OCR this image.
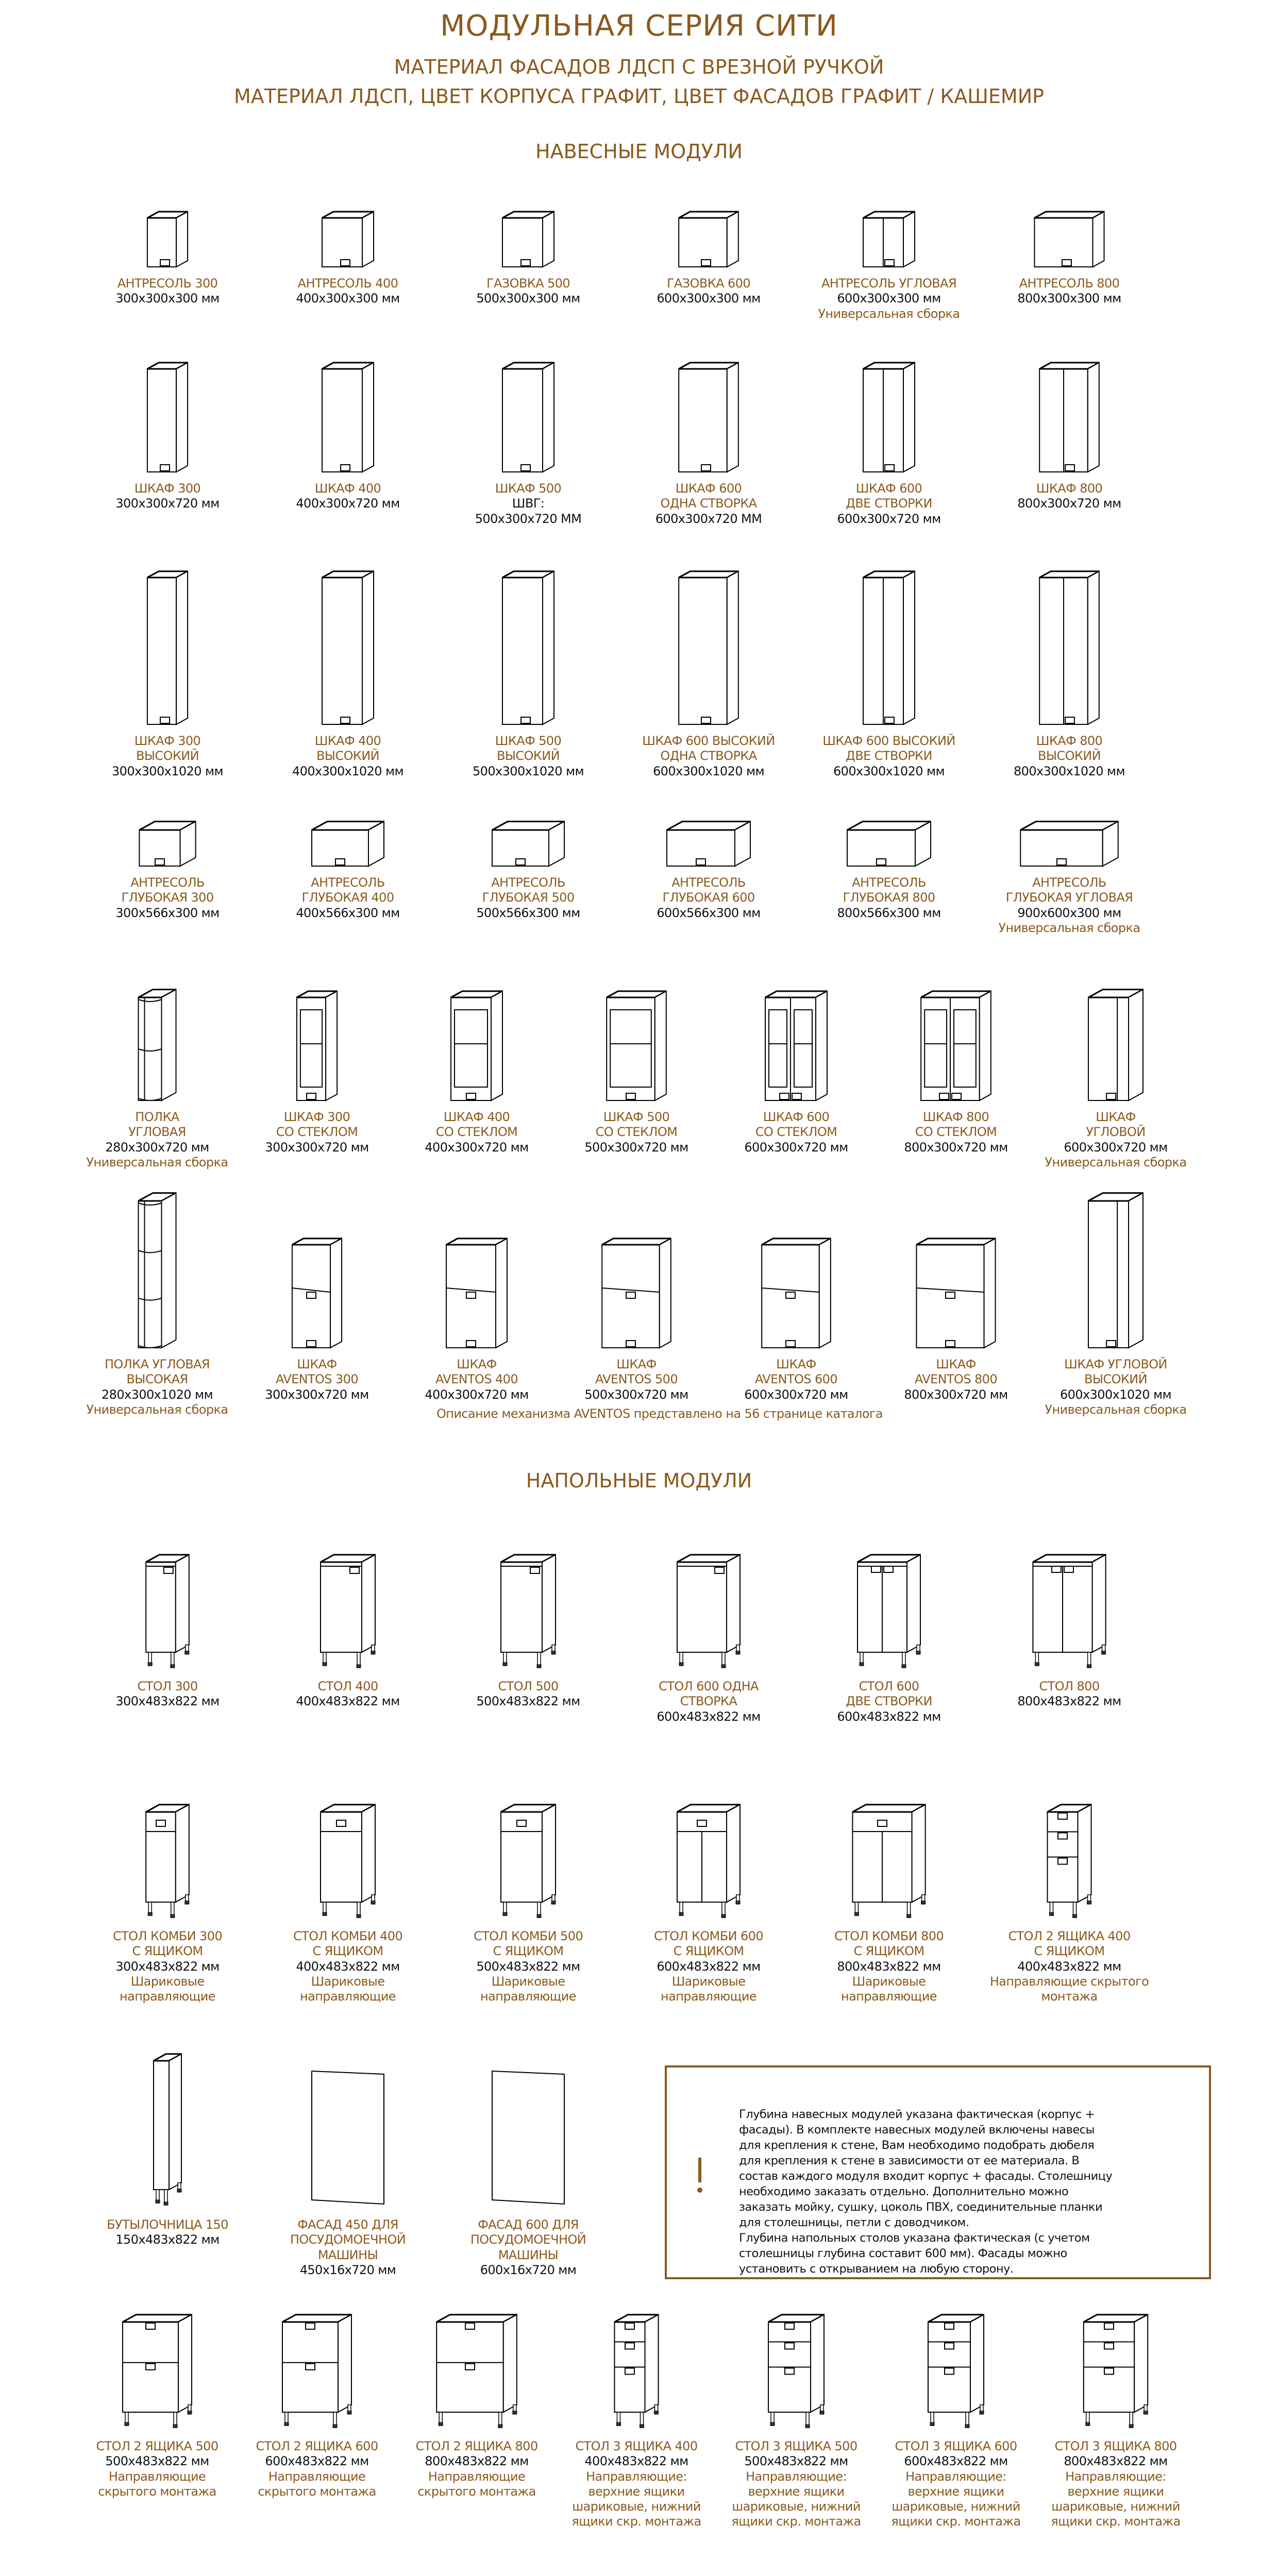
МОДУЛЬНАЯ СЕРИЯ СИТИ
МАТЕРИАЛ ФАСАДОВ ЛДСП С ВРЕЗНОЙ РУЧКОЙ
МАТЕРИАЛ ЛДСП, ЦВЕТ КОРПУСА ГРАФИТ, ЦВЕТ ФАСАДОВ ГРАФИТ / КАШЕМИР
НАВЕСНЫЕ МОДУЛИ
НАПОЛЬНЫЕ МОДУЛИ
АНТРЕСОЛЬ 300
300x300x300 мм
АНТРЕСОЛЬ 400
400x300x300 мм
ГАЗОВКА 500
500x300x300 мм
ГАЗОВКА 600
600x300x300 мм
АНТРЕСОЛЬ УГЛОВАЯ
600x300x300 мм
Универсальная сборка
АНТРЕСОЛЬ 800
800x300x300 мм
ШКАФ 300
300x300x720 мм
ШКАФ 400
400x300x720 мм
ШКАФ 500
ШВГ:
500x300x720 ММ
ШКАФ 600
ОДНА СТВОРКА
600x300x720 ММ
ШКАФ 600
ДВЕ СТВОРКИ
600x300x720 мм
ШКАФ 800
800x300x720 мм
ШКАФ 300
ВЫСОКИЙ
300x300x1020 мм
ШКАФ 400
ВЫСОКИЙ
400x300x1020 мм
ШКАФ 500
ВЫСОКИЙ
500x300x1020 мм
ШКАФ 600 ВЫСОКИЙ
ОДНА СТВОРКА
600x300x1020 мм
ШКАФ 600 ВЫСОКИЙ
ДВЕ СТВОРКИ
600x300x1020 мм
ШКАФ 800
ВЫСОКИЙ
800x300x1020 мм
АНТРЕСОЛЬ
ГЛУБОКАЯ 300
300x566x300 мм
АНТРЕСОЛЬ
ГЛУБОКАЯ 400
400x566x300 мм
АНТРЕСОЛЬ
ГЛУБОКАЯ 500
500x566x300 мм
АНТРЕСОЛЬ
ГЛУБОКАЯ 600
600x566x300 мм
АНТРЕСОЛЬ
ГЛУБОКАЯ 800
800x566x300 мм
АНТРЕСОЛЬ
ГЛУБОКАЯ УГЛОВАЯ
900x600x300 мм
Универсальная сборка
ПОЛКА
УГЛОВАЯ
280x300x720 мм
Универсальная сборка
ШКАФ 300
СО СТЕКЛОМ
300x300x720 мм
ШКАФ 400
СО СТЕКЛОМ
400x300x720 мм
ШКАФ 500
СО СТЕКЛОМ
500x300x720 мм
ШКАФ 600
СО СТЕКЛОМ
600x300x720 мм
ШКАФ 800
СО СТЕКЛОМ
800x300x720 мм
ШКАФ
УГЛОВОЙ
600x300x720 мм
Универсальная сборка
ПОЛКА УГЛОВАЯ
ВЫСОКАЯ
280x300x1020 мм
Универсальная сборка
ШКАФ
AVENTOS 300
300x300x720 мм
ШКАФ
AVENTOS 400
400x300x720 мм
ШКАФ
AVENTOS 500
500x300x720 мм
ШКАФ
AVENTOS 600
600x300x720 мм
ШКАФ
AVENTOS 800
800x300x720 мм
ШКАФ УГЛОВОЙ
ВЫСОКИЙ
600x300x1020 мм
Универсальная сборка
СТОЛ 300
300x483x822 мм
СТОЛ 400
400x483x822 мм
СТОЛ 500
500x483x822 мм
СТОЛ 600 ОДНА
СТВОРКА
600x483x822 мм
СТОЛ 600
ДВЕ СТВОРКИ
600x483x822 мм
СТОЛ 800
800x483x822 мм
СТОЛ КОМБИ 300
С ЯЩИКОМ
300x483x822 мм
Шариковые
направляющие
СТОЛ КОМБИ 400
С ЯЩИКОМ
400x483x822 мм
Шариковые
направляющие
СТОЛ КОМБИ 500
С ЯЩИКОМ
500x483x822 мм
Шариковые
направляющие
СТОЛ КОМБИ 600
С ЯЩИКОМ
600x483x822 мм
Шариковые
направляющие
СТОЛ КОМБИ 800
С ЯЩИКОМ
800x483x822 мм
Шариковые
направляющие
СТОЛ 2 ЯЩИКА 400
С ЯЩИКОМ
400x483x822 мм
Направляющие скрытого
монтажа
БУТЫЛОЧНИЦА 150
150x483x822 мм
ФАСАД 450 ДЛЯ
ПОСУДОМОЕЧНОЙ
МАШИНЫ
450x16x720 мм
ФАСАД 600 ДЛЯ
ПОСУДОМОЕЧНОЙ
МАШИНЫ
600x16x720 мм
СТОЛ 2 ЯЩИКА 500
500x483x822 мм
Направляющие
скрытого монтажа
СТОЛ 2 ЯЩИКА 600
600x483x822 мм
Направляющие
скрытого монтажа
СТОЛ 2 ЯЩИКА 800
800x483x822 мм
Направляющие
скрытого монтажа
СТОЛ 3 ЯЩИКА 400
400x483x822 мм
Направляющие:
верхние ящики
шариковые, нижний
ящики скр. монтажа
СТОЛ 3 ЯЩИКА 500
500x483x822 мм
Направляющие:
верхние ящики
шариковые, нижний
ящики скр. монтажа
СТОЛ 3 ЯЩИКА 600
600x483x822 мм
Направляющие:
верхние ящики
шариковые, нижний
ящики скр. монтажа
СТОЛ 3 ЯЩИКА 800
800x483x822 мм
Направляющие:
верхние ящики
шариковые, нижний
ящики скр. монтажа
Описание механизма AVENTOS представлено на 56 странице каталога
Глубина навесных модулей указана фактическая (корпус +
фасады). В комплекте навесных модулей включены навесы
для крепления к стене, Вам необходимо подобрать дюбеля
для крепления к стене в зависимости от ее материала. В
состав каждого модуля входит корпус + фасады. Столешницу
необходимо заказать отдельно. Дополнительно можно
заказать мойку, сушку, цоколь ПВХ, соединительные планки
для столешницы, петли с доводчиком.
Глубина напольных столов указана фактическая (с учетом
столешницы глубина составит 600 мм). Фасады можно
установить с открыванием на любую сторону.
